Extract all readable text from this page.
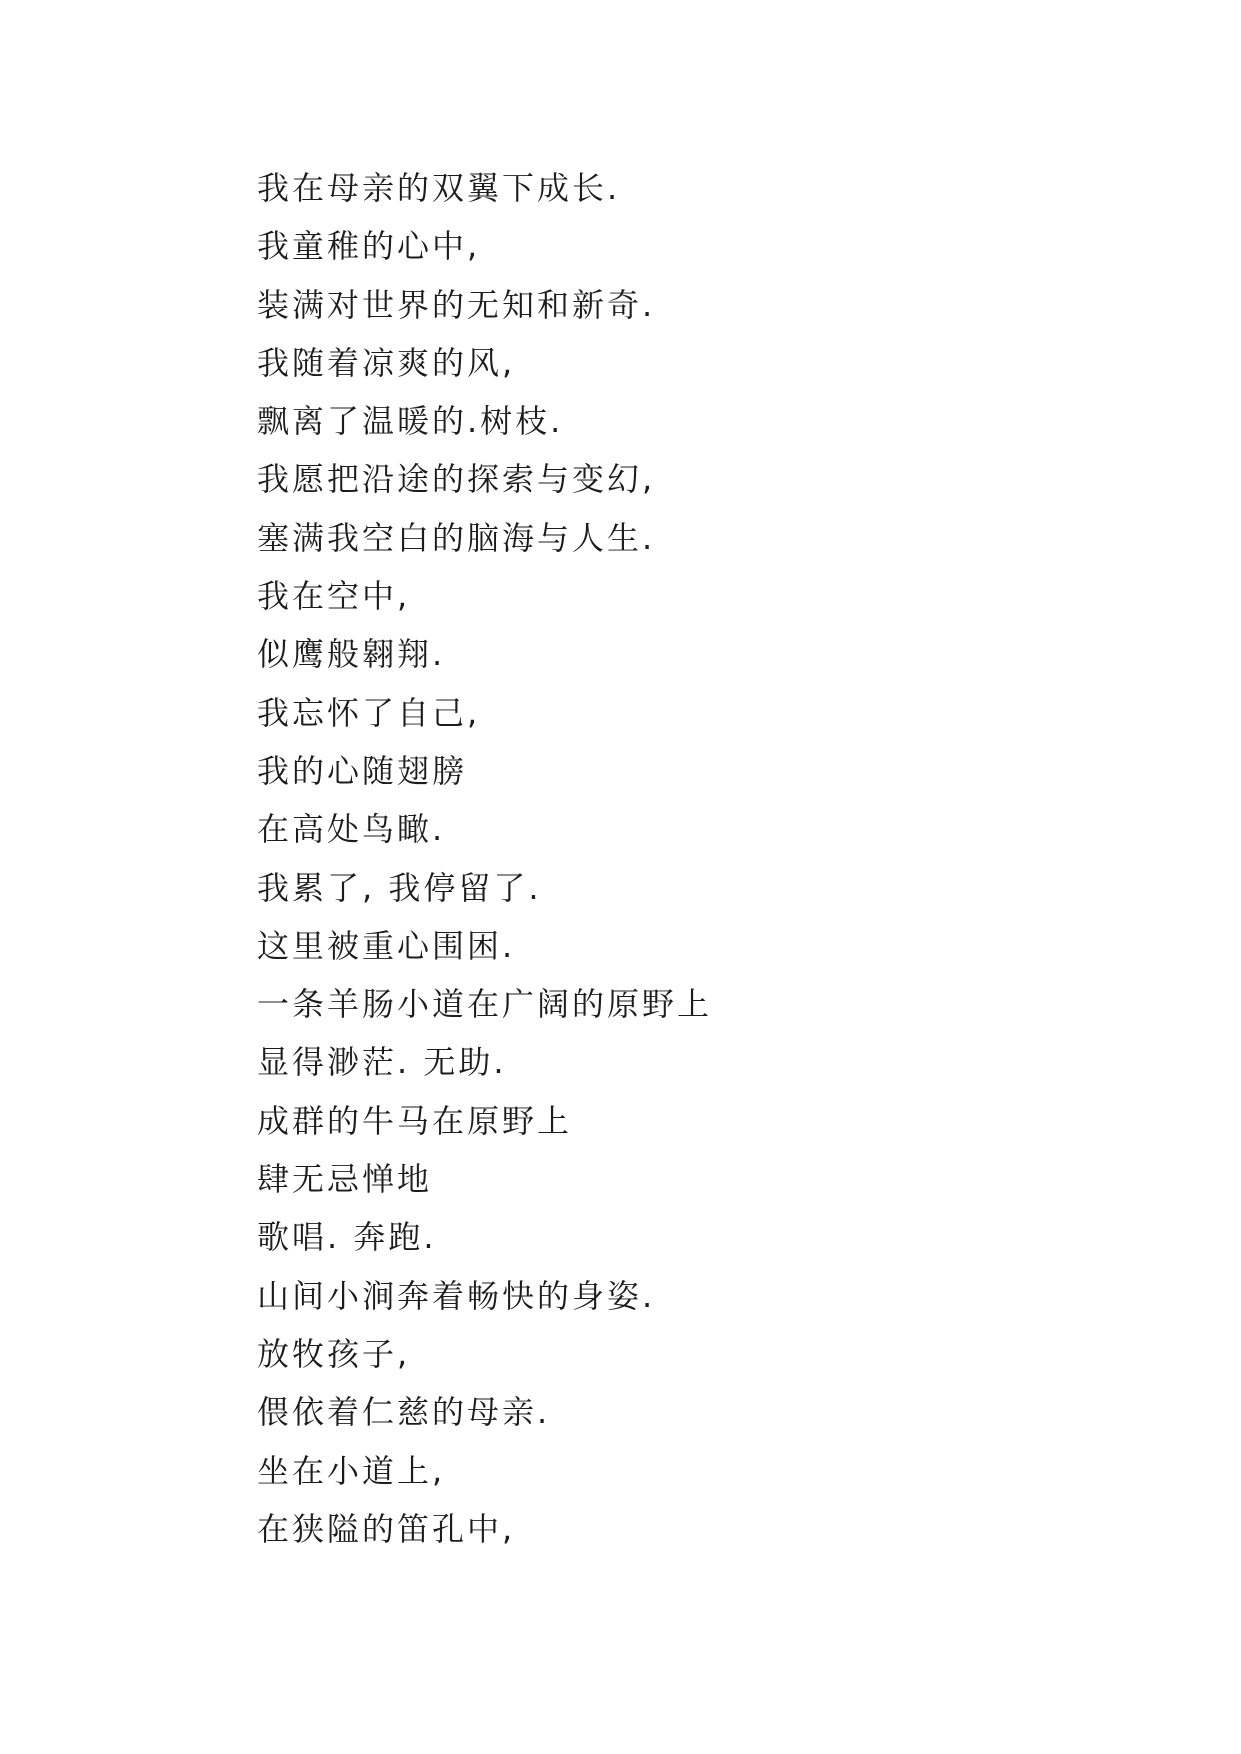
我在母亲的双翼下成长.
我童稚的心中,
装满对世界的无知和新奇.
我随着凉爽的风,
飘离了温暖的.树枝.
我愿把沿途的探索与变幻,
塞满我空白的脑海与人生.
我在空中,
似鹰般翱翔.
我忘怀了自己,
我的心随翅膀
在高处鸟瞰.
我累了, 我停留了.
这里被重心围困.
一条羊肠小道在广阔的原野上
显得渺茫. 无助.
成群的牛马在原野上
肆无忌惮地
歌唱. 奔跑.
山间小涧奔着畅快的身姿.
放牧孩子,
偎依着仁慈的母亲.
坐在小道上,
在狭隘的笛孔中,
